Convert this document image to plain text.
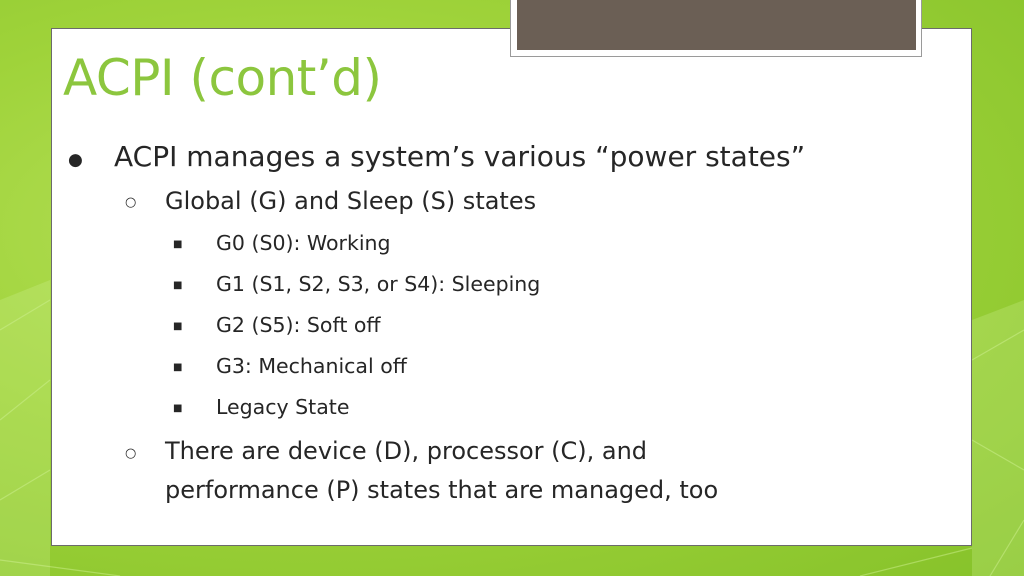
ACPI (cont’d)
● ACPI manages a system’s various “power states”
○ Global (G) and Sleep (S) states
■ G0 (S0): Working
■ G1 (S1, S2, S3, or S4): Sleeping
■ G2 (S5): Soft off
■ G3: Mechanical off
■ Legacy State
○ There are device (D), processor (C), and
performance (P) states that are managed, too
